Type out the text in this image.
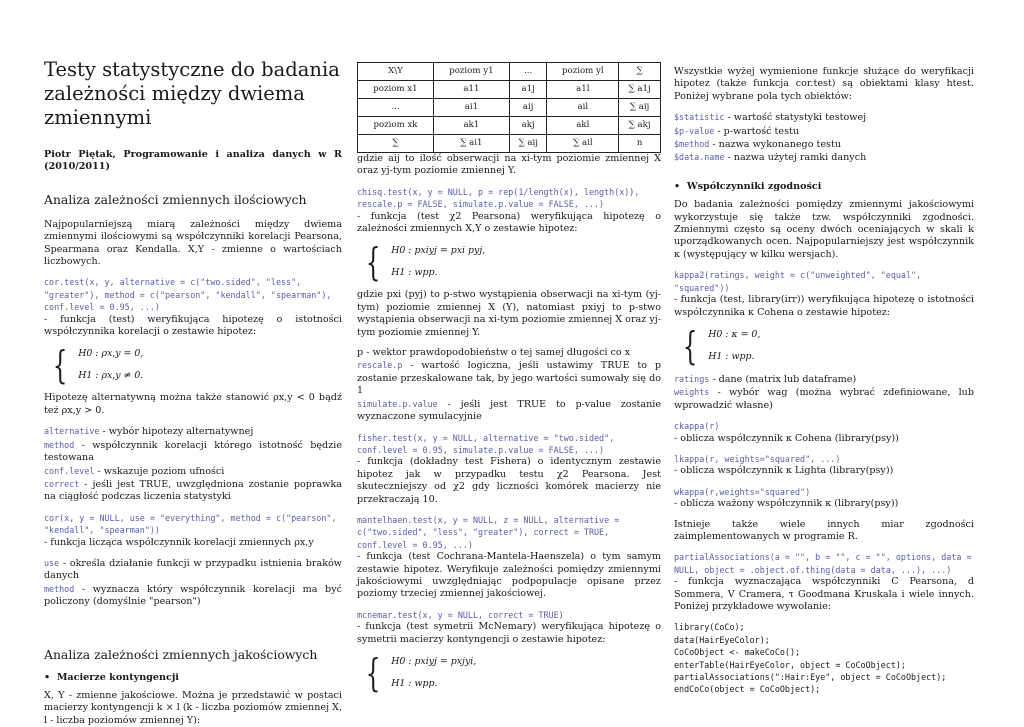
Testy statystyczne do badania zależności między dwiema zmiennymi
Piotr Piętak, Programowanie i analiza danych w R (2010/2011)
Analiza zależności zmiennych ilościowych

Najpopularniejszą miarą zależności między dwiema zmiennymi ilościowymi są współczynniki korelacji Pearsona, Spearmana oraz Kendalla. X,Y - zmienne o wartościach liczbowych.

cor.test(x, y, alternative = c("two.sided", "less", "greater"), method = c("pearson", "kendall", "spearman"), conf.level = 0.95, ...)

- funkcja (test) weryfikująca hipotezę o istotności współczynnika korelacji o zestawie hipotez:

{ H0 : ρx,y = 0,
H1 : ρx,y ≠ 0.

Hipotezę alternatywną można także stanowić ρx,y < 0 bądź też ρx,y > 0.

alternative - wybór hipotezy alternatywnej

method - współczynnik korelacji którego istotność będzie testowana

conf.level - wskazuje poziom ufności

correct - jeśli jest TRUE, uwzględniona zostanie poprawka na ciągłość podczas liczenia statystyki

cor(x, y = NULL, use = "everything", method = c("pearson", "kendall", "spearman"))

- funkcja licząca współczynnik korelacji zmiennych ρx,y

use - określa działanie funkcji w przypadku istnienia braków danych

method - wyznacza który współczynnik korelacji ma być policzony (domyślnie "pearson")

Analiza zależności zmiennych jakościowych

•  Macierze kontyngencji

X, Y - zmienne jakościowe. Można je przedstawić w postaci macierzy kontyngencji k × l (k - liczba poziomów zmiennej X, l - liczba poziomów zmiennej Y):

X\Y	poziom y1	...	poziom yl	∑
poziom x1	a11	a1j	a1l	∑ a1j
...	ai1	aij	ail	∑ aij
poziom xk	ak1	akj	akl	∑ akj
∑	∑ ai1	∑ aij	∑ ail	n

gdzie aij to ilość obserwacji na xi-tym poziomie zmiennej X oraz yj-tym poziomie zmiennej Y.

chisq.test(x, y = NULL, p = rep(1/length(x), length(x)), rescale.p = FALSE, simulate.p.value = FALSE, ...)

- funkcja (test χ2 Pearsona) weryfikująca hipotezę o zależności zmiennych X,Y o zestawie hipotez:

{ H0 : pxiyj = pxi pyj,
H1 : wpp.

gdzie pxi (pyj) to p-stwo wystąpienia obserwacji na xi-tym (yj-tym) poziomie zmiennej X (Y), natomiast pxiyj to p-stwo wystąpienia obserwacji na xi-tym poziomie zmiennej X oraz yj-tym poziomie zmiennej Y.

p - wektor prawdopodobieństw o tej samej długości co x

rescale.p - wartość logiczna, jeśli ustawimy TRUE to p zostanie przeskalowane tak, by jego wartości sumowały się do 1

simulate.p.value - jeśli jest TRUE to p-value zostanie wyznaczone symulacyjnie

fisher.test(x, y = NULL, alternative = "two.sided", conf.level = 0.95, simulate.p.value = FALSE, ...)

- funkcja (dokładny test Fishera) o identycznym zestawie hipotez jak w przypadku testu χ2 Pearsona. Jest skuteczniejszy od χ2 gdy liczności komórek macierzy nie przekraczają 10.

mantelhaen.test(x, y = NULL, z = NULL, alternative = c("two.sided", "less", "greater"), correct = TRUE, conf.level = 0.95, ...)

- funkcja (test Cochrana-Mantela-Haenszela) o tym samym zestawie hipotez. Weryfikuje zależności pomiędzy zmiennymi jakościowymi uwzględniając podpopulacje opisane przez poziomy trzeciej zmiennej jakościowej.

mcnemar.test(x, y = NULL, correct = TRUE)

- funkcja (test symetrii McNemary) weryfikująca hipotezę o symetrii macierzy kontyngencji o zestawie hipotez:

{ H0 : pxiyj = pxjyi,
H1 : wpp.

Wszystkie wyżej wymienione funkcje służące do weryfikacji hipotez (także funkcja cor.test) są obiektami klasy htest. Poniżej wybrane pola tych obiektów:

$statistic - wartość statystyki testowej

$p-value - p-wartość testu

$method - nazwa wykonanego testu

$data.name - nazwa użytej ramki danych

•  Współczynniki zgodności

Do badania zależności pomiędzy zmiennymi jakościowymi wykorzystuje się także tzw. współczynniki zgodności. Zmiennymi często są oceny dwóch oceniających w skali k uporządkowanych ocen. Najpopularniejszy jest współczynnik κ (występujący w kilku wersjach).

kappa2(ratings, weight = c("unweighted", "equal", "squared"))

- funkcja (test, library(irr)) weryfikująca hipotezę o istotności współczynnika κ Cohena o zestawie hipotez:

{ H0 : κ = 0,
H1 : wpp.

ratings - dane (matrix lub dataframe)

weights - wybór wag (można wybrać zdefiniowane, lub wprowadzić własne)

ckappa(r)

- oblicza współczynnik κ Cohena (library(psy))

lkappa(r, weights="squared", ...)

- oblicza współczynnik κ Lighta (library(psy))

wkappa(r,weights="squared")

- oblicza ważony współczynnik κ (library(psy))

Istnieje także wiele innych miar zgodności zaimplementowanych w programie R.

partialAssociations(a = "", b = "", c = "", options, data = NULL, object = .object.of.thing(data = data, ...), ...)

- funkcja wyznaczająca współczynniki C Pearsona, d Sommera, V Cramera, τ Goodmana Kruskala i wiele innych. Poniżej przykładowe wywołanie:

library(CoCo);
data(HairEyeColor);
CoCoObject <- makeCoCo();
enterTable(HairEyeColor, object = CoCoObject);
partialAssociations(":Hair:Eye", object = CoCoObject);
endCoCo(object = CoCoObject);
